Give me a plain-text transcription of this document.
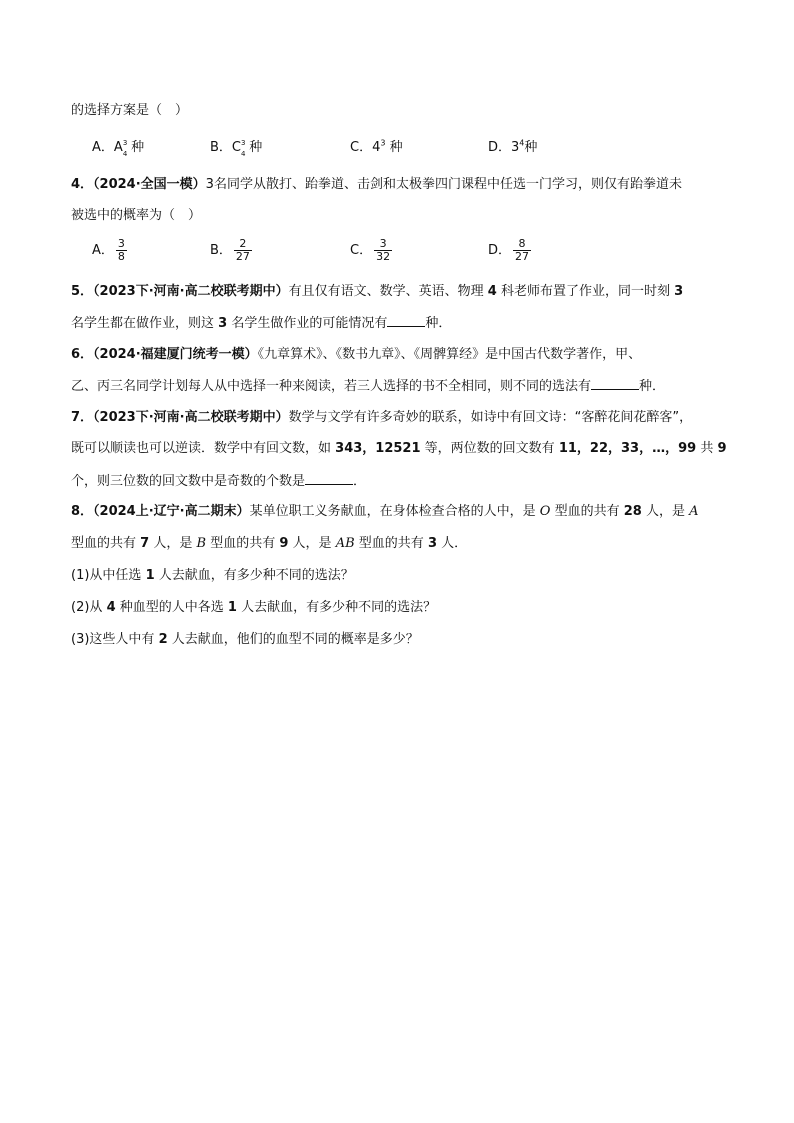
的选择方案是（　）
A．A 3
4 种	B．C 3
4 种	C．$4^3$ 种	D．$3^4$种
4．（2024·全国一模）3名同学从散打、跆拳道、击剑和太极拳四门课程中任选一门学习，则仅有跆拳道未
被选中的概率为（　）
A． $\frac{3}{8}$	B． $\frac{2}{27}$	C． $\frac{3}{32}$	D． $\frac{8}{27}$
5．（2023下·河南·高二校联考期中）有且仅有语文、数学、英语、物理 4 科老师布置了作业，同一时刻 3
名学生都在做作业，则这 3 名学生做作业的可能情况有	种．
6．（2024·福建厦门统考一模）《九章算术》、《数书九章》、《周髀算经》是中国古代数学著作，甲、
乙、丙三名同学计划每人从中选择一种来阅读，若三人选择的书不全相同，则不同的选法有	种．
7．（2023下·河南·高二校联考期中）数学与文学有许多奇妙的联系，如诗中有回文诗：“客醉花间花醉客”，
既可以顺读也可以逆读．数学中有回文数，如 343，12521 等，两位数的回文数有 11，22，33，…，99 共 9
个，则三位数的回文数中是奇数的个数是	．
8．（2024上·辽宁·高二期末）某单位职工义务献血，在身体检查合格的人中，是 O 型血的共有 28 人，是 A
型血的共有 7 人，是 B 型血的共有 9 人，是 AB 型血的共有 3 人．
(1)从中任选 1 人去献血，有多少种不同的选法？
(2)从 4 种血型的人中各选 1 人去献血，有多少种不同的选法？
(3)这些人中有 2 人去献血，他们的血型不同的概率是多少？
